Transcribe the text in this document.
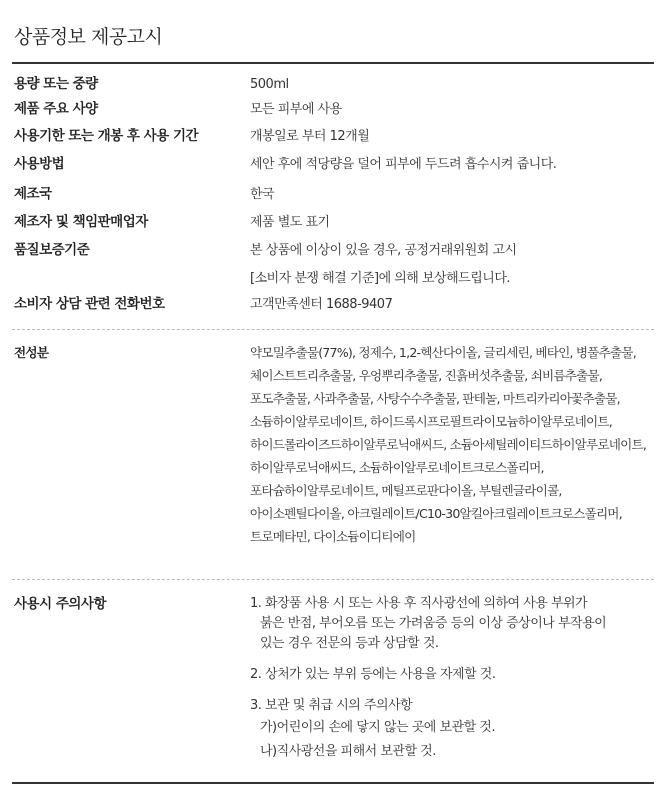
상품정보 제공고시
용량 또는 중량	500ml
제품 주요 사양	모든 피부에 사용
사용기한 또는 개봉 후 사용 기간	개봉일로 부터 12개월
사용방법	세안 후에 적당량을 덜어 피부에 두드려 흡수시켜 줍니다.
제조국	한국
제조자 및 책임판매업자	제품 별도 표기
품질보증기준	본 상품에 이상이 있을 경우, 공정거래위원회 고시
[소비자 분쟁 해결 기준]에 의해 보상해드립니다.
소비자 상담 관련 전화번호	고객만족센터 1688-9407
전성분	약모밀추출물(77%), 정제수, 1,2-헥산다이올, 글리세린, 베타인, 병풀추출물,
체이스트트리추출물, 우엉뿌리추출물, 진흙버섯추출물, 쇠비름추출물,
포도추출물, 사과추출물, 사탕수수추출물, 판테놀, 마트리카리아꽃추출물,
소듐하이알루로네이트, 하이드록시프로필트라이모늄하이알루로네이트,
하이드롤라이즈드하이알루로닉애씨드, 소듐아세틸레이티드하이알루로네이트,
하이알루로닉애씨드, 소듐하이알루로네이트크로스폴리머,
포타슘하이알루로네이트, 메틸프로판다이올, 부틸렌글라이콜,
아이소펜틸다이올, 아크릴레이트/C10-30알킬아크릴레이트크로스폴리머,
트로메타민, 다이소듐이디티에이
사용시 주의사항	1. 화장품 사용 시 또는 사용 후 직사광선에 의하여 사용 부위가
붉은 반점, 부어오름 또는 가려움증 등의 이상 증상이나 부작용이
있는 경우 전문의 등과 상담할 것.
2. 상처가 있는 부위 등에는 사용을 자제할 것.
3. 보관 및 취급 시의 주의사항
가)어린이의 손에 닿지 않는 곳에 보관할 것.
나)직사광선을 피해서 보관할 것.
